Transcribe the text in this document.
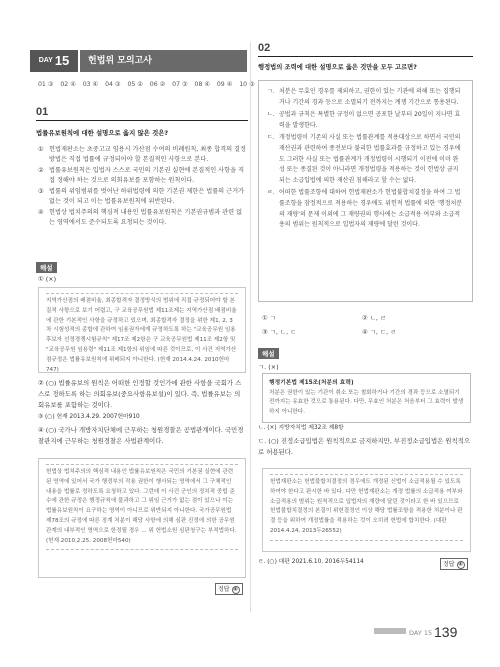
$^{DAY}$ 15	헌법위 모의고사
01 ③ 02 ④ 03 ④ 04 ③ 05 ② 06 ② 07 ③ 08 ④ 09 ④ 10 ③
01
법률유보원칙에 대한 설명으로 옳지 않은 것은?
① 헌법재판소는 초중고교 임용시 가산점 수여의 비례원칙, 최종 합격의 결정방법은 직접 법률에 규정되어야 할 본질적인 사항으로 본다.
② 법률유보원칙은 입법자 스스로 국민의 기본권 실현에 본질적인 사항을 직접 정해야 하는 것으로 의회유보를 포함하는 원칙이다.
③ 법률의 위임범위를 벗어난 하위법령에 의한 기본권 제한은 법률의 근거가 없는 것이 되고 이는 법률유보원칙에 위반된다.
④ 헌법상 법치주의의 핵심적 내용인 법률유보원칙은 기본권규범과 관련 없는 영역에서도 준수되도록 요청되는 것이다.
해설
① (×)
지역가산점의 배점비율, 최종합격자 결정방식의 범위에 직접 규정되어야 할 본질적 사항으로 보기 어렵고, 구 교육공무원법 제11조제는 지역가산점 배점비율에 관한 기본적인 사항을 규정하고 있으며, 최종합격자 결정을 위한 제1, 2, 3차 시험성적의 종합에 관하여 임용권자에게 규정하도록 하는 "교육공무원 임용후보자 선정경쟁시험규칙" 제17조 제2항은 구 교육공무원법 제11조 제2항 및 "교육공무원 임용령" 제11조 제1항의 위임에 따른 것이므로, 이 사건 지역가산점규정은 법률유보원칙에 위배되지 아니한다. (헌재 2014.4.24. 2010헌마747)
② (○) 법률유보의 원칙은 어떠한 인정할 것인가에 관한 사항을 국회가 스스로 정하도록 하는 의회유보(중요사항유보설)이 있다. 즉, 법률유보는 의회유보를 포함하는 것이다.
③ (○) 헌재 2013.4.29. 2007헌마910
④ (○) 국가나 개방자치단체에 근무하는 청원경찰은 공법관계이다. 국민경찰관지에 근무하는 청원경찰은 사법관계이다.
헌법상 법치주의의 핵심적 내용인 법률유보원칙은 국민의 기본권 실현에 관련된 영역에 있어서 국가 행정부의 작용 권한이 행사되는 영역에서 그 구체적인 내용을 법률로 정하도록 요청하고 있다. 그런데 이 사건 군인의 정치적 중립 준수에 관한 규정은 행정규칙에 불과하고 그 위임 근거가 없는 점이 있으나 이는 법률유보원칙이 요구하는 영역이 아니므로 위반되지 아니한다. 국가공무원법 제78조의 규정에 따른 징계 처분이 해당 사항에 의해 심판 진정에 의한 공무원 관계의 내부적인 영역으로 한정될 경우 ... 위 헌법소원 심판청구는 부적법하다. (헌재 2010.2.25. 2008헌마540)
정답 ④
02
행정법의 조력에 대한 설명으로 옳은 것만을 모두 고르면?
ㄱ. 처분은 무효인 경우를 제외하고, 권한이 있는 기관에 의해 또는 집행되거나 기간의 경과 등으로 소멸되기 전까지는 계쟁 기간으로 통용된다.
ㄴ. 공법과 규칙은 특별한 규정이 없으면 공포한 날부터 20일이 지나면 효력을 발생한다.
ㄷ. 개정법령이 기존의 사실 또는 법률관계를 적용대상으로 하면서 국민의 재산권과 관련하여 종전보다 불리한 법률효과를 규정하고 있는 경우에도 그러한 사실 또는 법률관계가 개정법령이 시행되기 이전에 이미 완성 또는 종결된 것이 아니라면 개정법령을 적용하는 것이 헌법상 금지되는 소급입법에 의한 재산권 침해라고 할 수는 없다.
ㄹ. 어떠한 법률조항에 대하여 헌법재판소가 헌법불합치결정을 하여 그 법률조항을 잠정적으로 적용하는 경우에도 위헌적 법률에 의한 '행정처분의 재량'의 문제 이외에 그 재량권의 행사에는 소급적용 여부와 소급적용의 범위는 원칙적으로 입법자의 재량에 달린 것이다.
① ㄱ	② ㄴ, ㄹ ③ ㄱ, ㄴ, ㄷ	④ ㄱ, ㄷ, ㄹ
해설
ㄱ. (×)
행정기본법 제15조(처분의 효력)
처분은 권한이 있는 기관이 취소 또는 철회하거나 기간의 경과 등으로 소멸되기 전까지는 유효한 것으로 통용된다. 다만, 무효인 처분은 처음부터 그 효력이 발생하지 아니한다.
ㄴ. (×) 지방자치법 제32조 제8항
ㄷ. (○) 진정소급입법은 원칙적으로 금지하지만, 부진정소급입법은 원칙적으로 허용된다.
헌법재판소는 헌법불합치결정의 경우에도 개정된 신법이 소급적용될 수 있도록 하여야 한다고 판시한 바 있다. 다만 헌법재판소는 개정 법률의 소급적용 여부와 소급적용의 범위는 원칙적으로 입법자의 재량에 달린 것이라고 한 바 있으므로 헌법불합치결정의 본질이 위헌결정인 이상 해당 법률조항을 적용한 처분이나 판결 등을 위하여 개정법률을 적용하는 것이 오히려 헌법에 합치한다. (대판 2014.4.24, 2013두26552)
ㄹ. (○) 대판 2021.6.10. 2016두54114	정답 ④
DAY 15 139
